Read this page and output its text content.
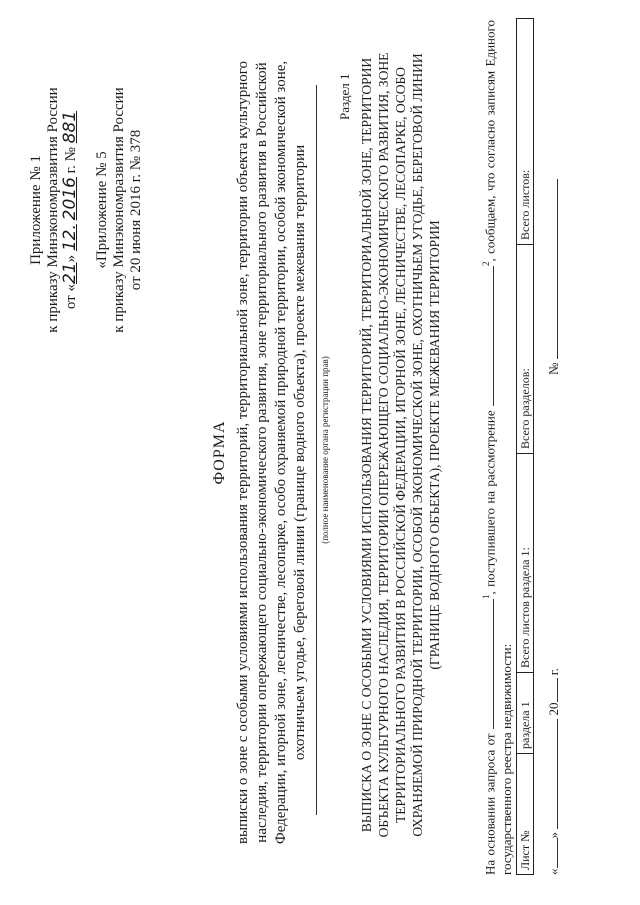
Приложение № 1 к приказу Минэкономразвития России от «21» 12. 2016 г. № 881
«Приложение № 5 к приказу Минэкономразвития России от 20 июня 2016 г. № 378
ФОРМА выписки о зоне с особыми условиями использования территорий, территориальной зоне, территории объекта культурного наследия, территории опережающего социально-экономического развития, зоне территориального развития в Российской Федерации, игорной зоне, лесничестве, лесопарке, особо охраняемой природной территории, особой экономической зоне, охотничьем угодье, береговой линии (границе водного объекта), проекте межевания территории (полное наименование органа регистрации прав)
Раздел 1 ВЫПИСКА О ЗОНЕ С ОСОБЫМИ УСЛОВИЯМИ ИСПОЛЬЗОВАНИЯ ТЕРРИТОРИЙ, ТЕРРИТОРИАЛЬНОЙ ЗОНЕ, ТЕРРИТОРИИ ОБЪЕКТА КУЛЬТУРНОГО НАСЛЕДИЯ, ТЕРРИТОРИИ ОПЕРЕЖАЮЩЕГО СОЦИАЛЬНО-ЭКОНОМИЧЕСКОГО РАЗВИТИЯ, ЗОНЕ ТЕРРИТОРИАЛЬНОГО РАЗВИТИЯ В РОССИЙСКОЙ ФЕДЕРАЦИИ, ИГОРНОЙ ЗОНЕ, ЛЕСНИЧЕСТВЕ, ЛЕСОПАРКЕ, ОСОБО ОХРАНЯЕМОЙ ПРИРОДНОЙ ТЕРРИТОРИИ, ОСОБОЙ ЭКОНОМИЧЕСКОЙ ЗОНЕ, ОХОТНИЧЬЕМ УГОДЬЕ, БЕРЕГОВОЙ ЛИНИИ (ГРАНИЦЕ ВОДНОГО ОБЪЕКТА), ПРОЕКТЕ МЕЖЕВАНИЯ ТЕРРИТОРИИ
На основании запроса от $^1$, поступившего на рассмотрение $^2$, сообщаем, что согласно записям Единого государственного реестра недвижимости: Лист №
раздела 1
Всего листов раздела 1:
Всего разделов:
Всего листов:
«»  20 г.
№
